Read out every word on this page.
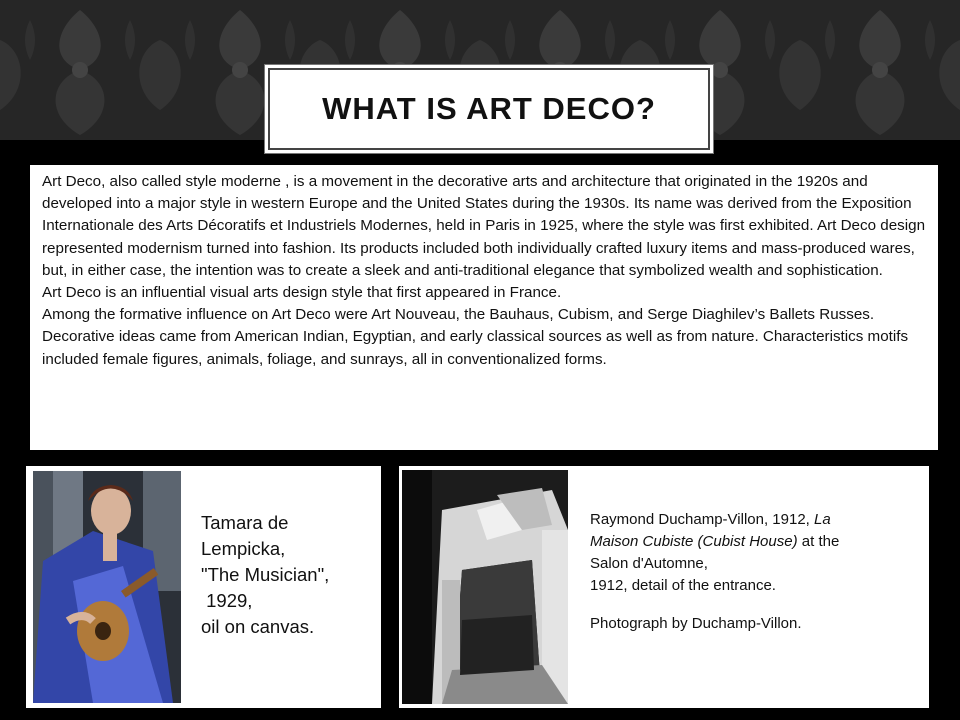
WHAT IS ART DECO?

Art Deco, also called style moderne , is a movement in the decorative arts and architecture that originated in the 1920s and developed into a major style in western Europe and the United States during the 1930s. Its name was derived from the Exposition Internationale des Arts Décoratifs et Industriels Modernes, held in Paris in 1925, where the style was first exhibited. Art Deco design represented modernism turned into fashion. Its products included both individually crafted luxury items and mass-produced wares, but, in either case, the intention was to create a sleek and anti-traditional elegance that symbolized wealth and sophistication.

Art Deco is an influential visual arts design style that first appeared in France.

Among the formative influence on Art Deco were Art Nouveau, the Bauhaus, Cubism, and Serge Diaghilev’s Ballets Russes. Decorative ideas came from American Indian, Egyptian, and early classical sources as well as from nature. Characteristics motifs included female figures, animals, foliage, and sunrays, all in conventionalized forms.

Tamara de
Lempicka,
"The Musician",
1929,
oil on canvas.
Raymond Duchamp-Villon, 1912, La
Maison Cubiste (Cubist House) at the
Salon d'Automne,
1912, detail of the entrance.
Photograph by Duchamp-Villon.
